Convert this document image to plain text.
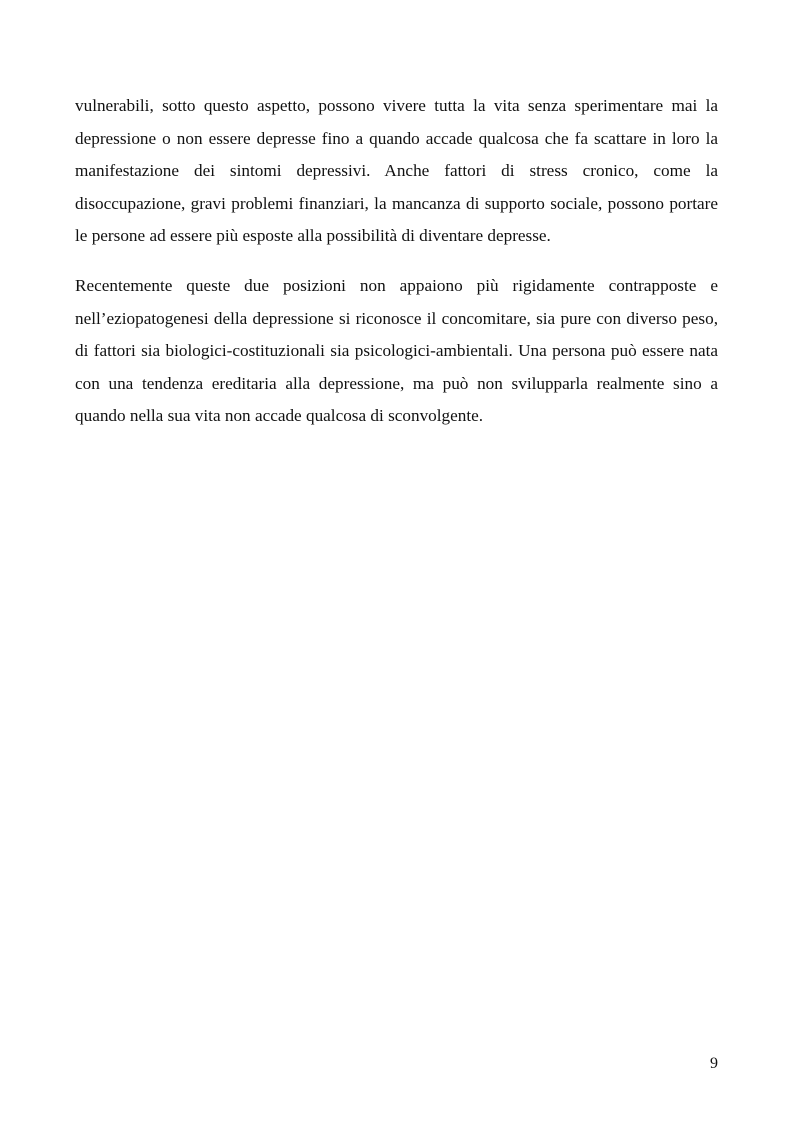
vulnerabili, sotto questo aspetto, possono vivere tutta la vita senza sperimentare mai la depressione o non essere depresse fino a quando accade qualcosa che fa scattare in loro la manifestazione dei sintomi depressivi. Anche fattori di stress cronico, come la disoccupazione, gravi problemi finanziari, la mancanza di supporto sociale, possono portare le persone ad essere più esposte alla possibilità di diventare depresse.

Recentemente queste due posizioni non appaiono più rigidamente contrapposte e nell’eziopatogenesi della depressione si riconosce il concomitare, sia pure con diverso peso, di fattori sia biologici-costituzionali sia psicologici-ambientali. Una persona può essere nata con una tendenza ereditaria alla depressione, ma può non svilupparla realmente sino a quando nella sua vita non accade qualcosa di sconvolgente.

9
